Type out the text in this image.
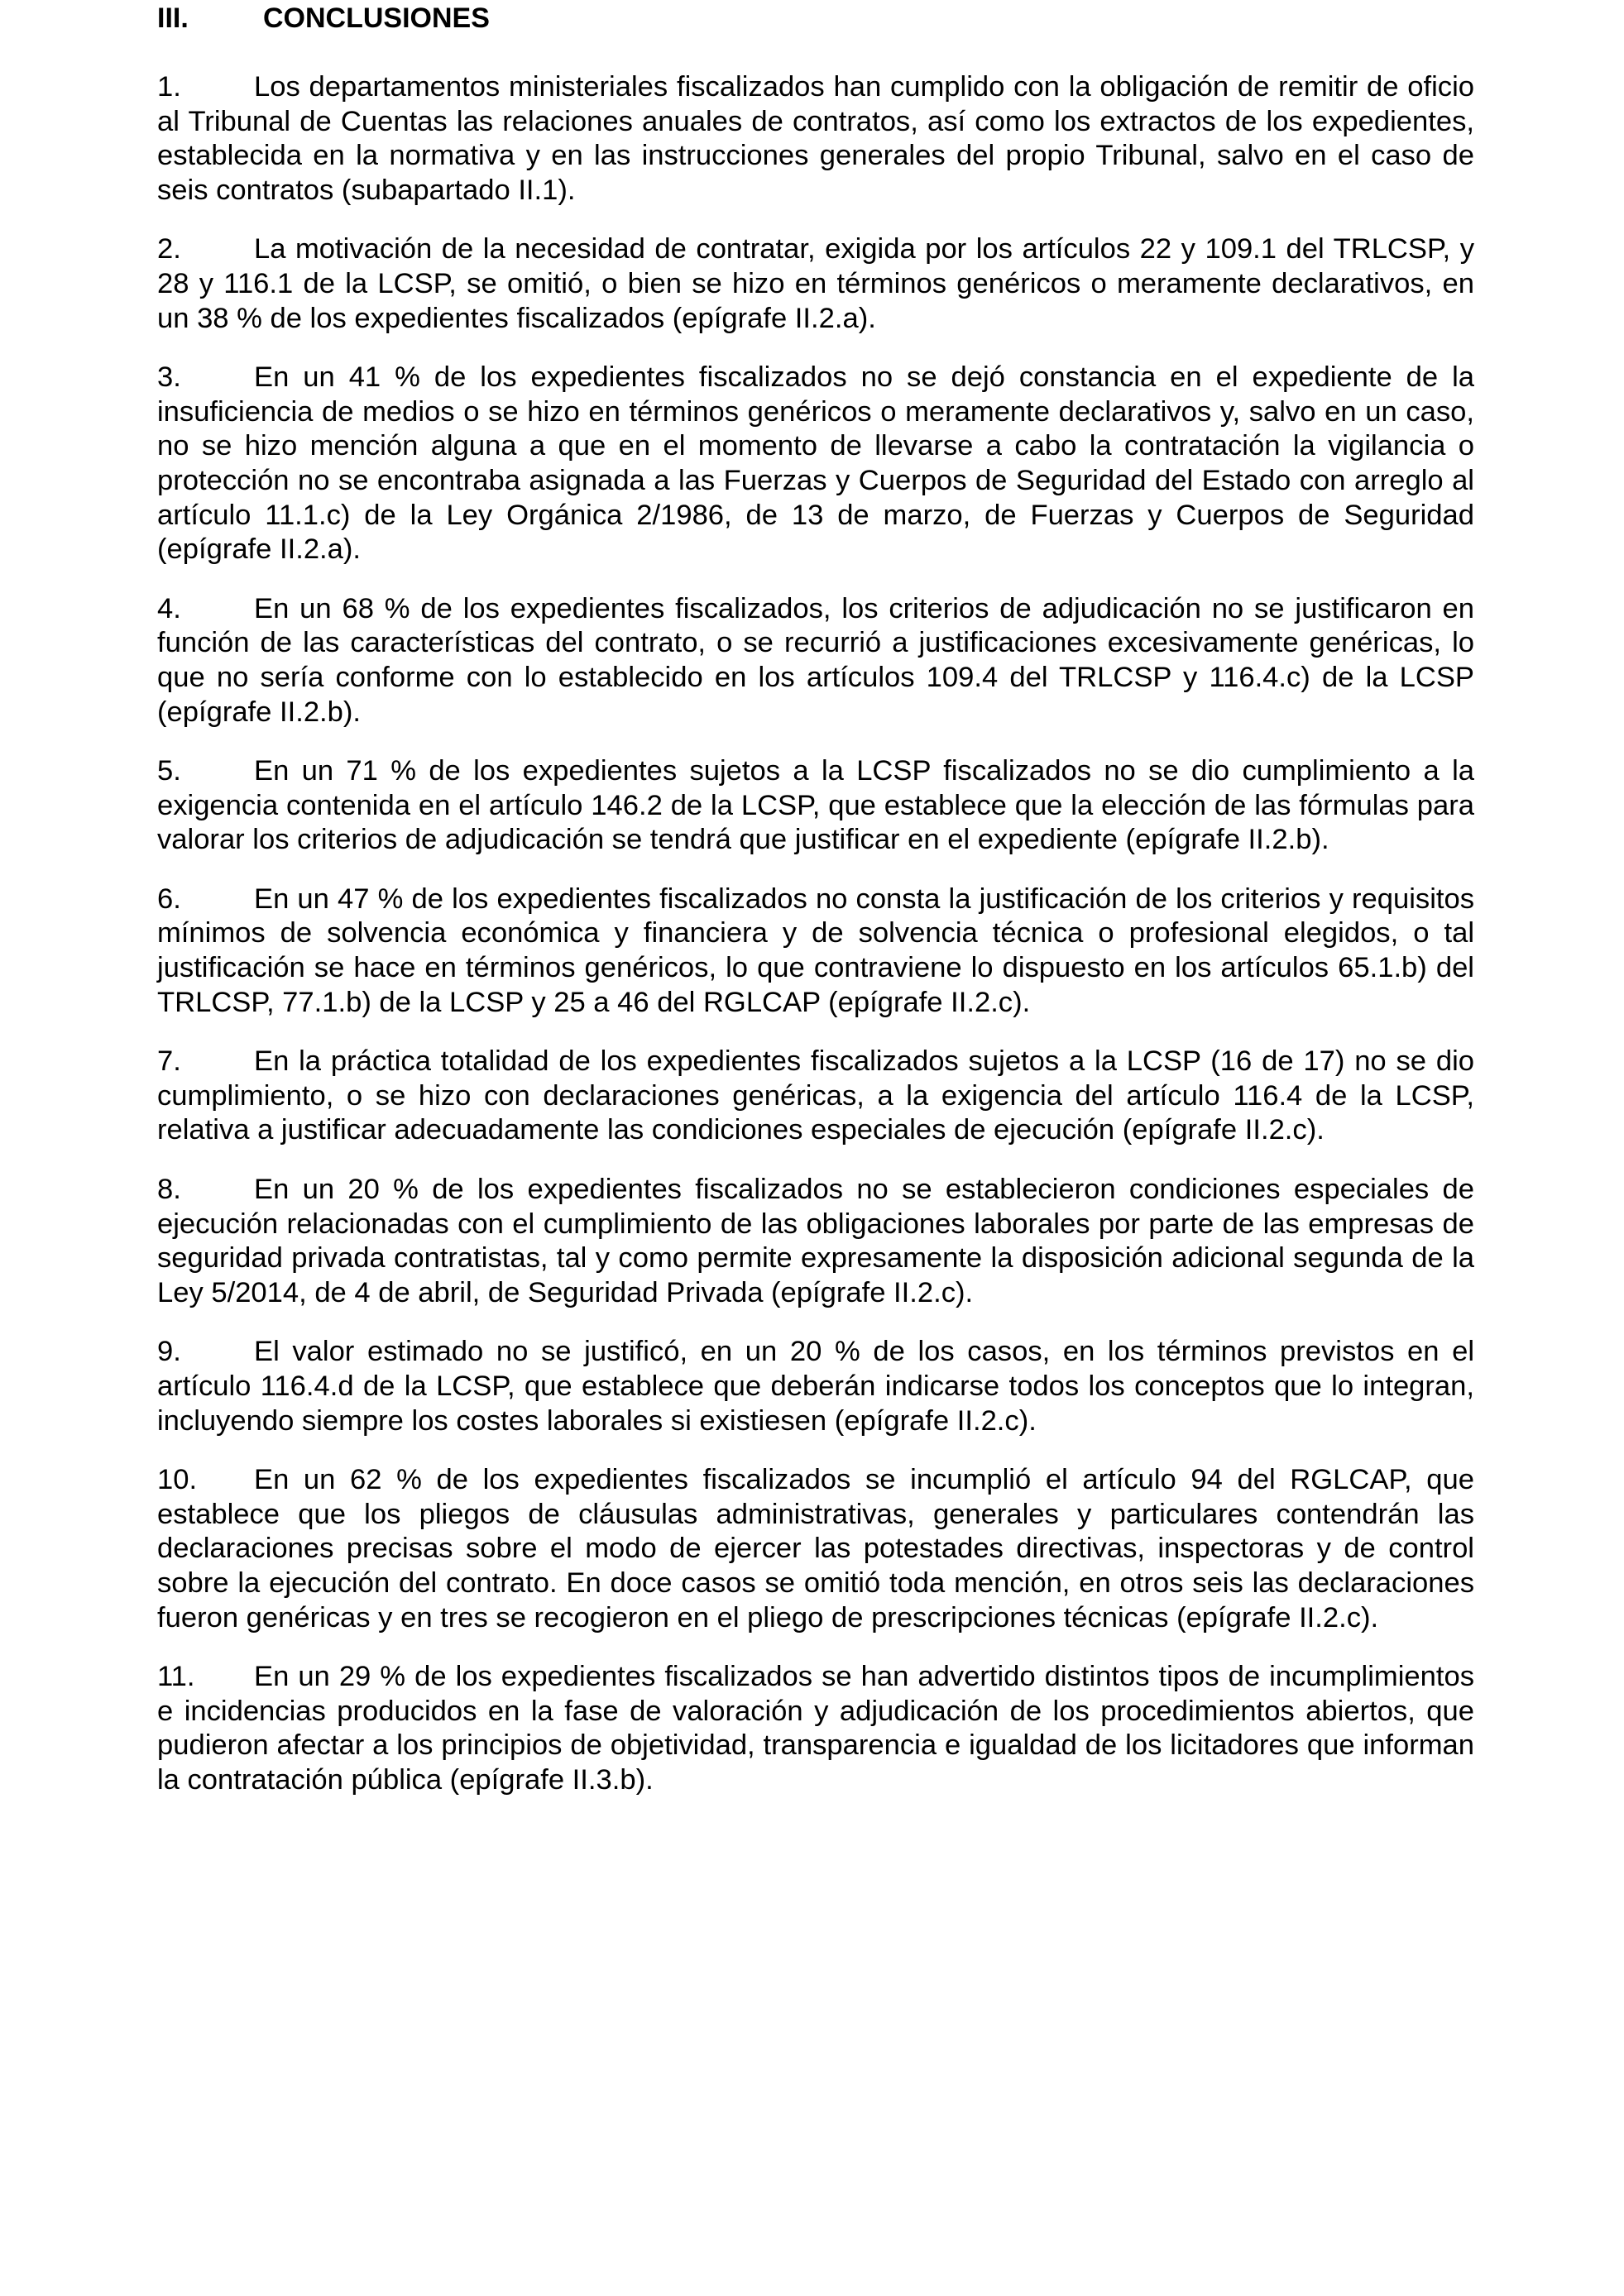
III.	CONCLUSIONES

1.	Los departamentos ministeriales fiscalizados han cumplido con la obligación de remitir de oficio al Tribunal de Cuentas las relaciones anuales de contratos, así como los extractos de los expedientes, establecida en la normativa y en las instrucciones generales del propio Tribunal, salvo en el caso de seis contratos (subapartado II.1).

2.	La motivación de la necesidad de contratar, exigida por los artículos 22 y 109.1 del TRLCSP, y 28 y 116.1 de la LCSP, se omitió, o bien se hizo en términos genéricos o meramente declarativos, en un 38 % de los expedientes fiscalizados (epígrafe II.2.a).

3.	En un 41 % de los expedientes fiscalizados no se dejó constancia en el expediente de la insuficiencia de medios o se hizo en términos genéricos o meramente declarativos y, salvo en un caso, no se hizo mención alguna a que en el momento de llevarse a cabo la contratación la vigilancia o protección no se encontraba asignada a las Fuerzas y Cuerpos de Seguridad del Estado con arreglo al artículo 11.1.c) de la Ley Orgánica 2/1986, de 13 de marzo, de Fuerzas y Cuerpos de Seguridad (epígrafe II.2.a).

4.	En un 68 % de los expedientes fiscalizados, los criterios de adjudicación no se justificaron en función de las características del contrato, o se recurrió a justificaciones excesivamente genéricas, lo que no sería conforme con lo establecido en los artículos 109.4 del TRLCSP y 116.4.c) de la LCSP (epígrafe II.2.b).

5.	En un 71 % de los expedientes sujetos a la LCSP fiscalizados no se dio cumplimiento a la exigencia contenida en el artículo 146.2 de la LCSP, que establece que la elección de las fórmulas para valorar los criterios de adjudicación se tendrá que justificar en el expediente (epígrafe II.2.b).

6.	En un 47 % de los expedientes fiscalizados no consta la justificación de los criterios y requisitos mínimos de solvencia económica y financiera y de solvencia técnica o profesional elegidos, o tal justificación se hace en términos genéricos, lo que contraviene lo dispuesto en los artículos 65.1.b) del TRLCSP, 77.1.b) de la LCSP y 25 a 46 del RGLCAP (epígrafe II.2.c).

7.	En la práctica totalidad de los expedientes fiscalizados sujetos a la LCSP (16 de 17) no se dio cumplimiento, o se hizo con declaraciones genéricas, a la exigencia del artículo 116.4 de la LCSP, relativa a justificar adecuadamente las condiciones especiales de ejecución (epígrafe II.2.c).

8.	En un 20 % de los expedientes fiscalizados no se establecieron condiciones especiales de ejecución relacionadas con el cumplimiento de las obligaciones laborales por parte de las empresas de seguridad privada contratistas, tal y como permite expresamente la disposición adicional segunda de la Ley 5/2014, de 4 de abril, de Seguridad Privada (epígrafe II.2.c).

9.	El valor estimado no se justificó, en un 20 % de los casos, en los términos previstos en el artículo 116.4.d de la LCSP, que establece que deberán indicarse todos los conceptos que lo integran, incluyendo siempre los costes laborales si existiesen (epígrafe II.2.c).

10. En un 62 % de los expedientes fiscalizados se incumplió el artículo 94 del RGLCAP, que establece que los pliegos de cláusulas administrativas, generales y particulares contendrán las declaraciones precisas sobre el modo de ejercer las potestades directivas, inspectoras y de control sobre la ejecución del contrato. En doce casos se omitió toda mención, en otros seis las declaraciones fueron genéricas y en tres se recogieron en el pliego de prescripciones técnicas (epígrafe II.2.c).

11. En un 29 % de los expedientes fiscalizados se han advertido distintos tipos de incumplimientos e incidencias producidos en la fase de valoración y adjudicación de los procedimientos abiertos, que pudieron afectar a los principios de objetividad, transparencia e igualdad de los licitadores que informan la contratación pública (epígrafe II.3.b).
